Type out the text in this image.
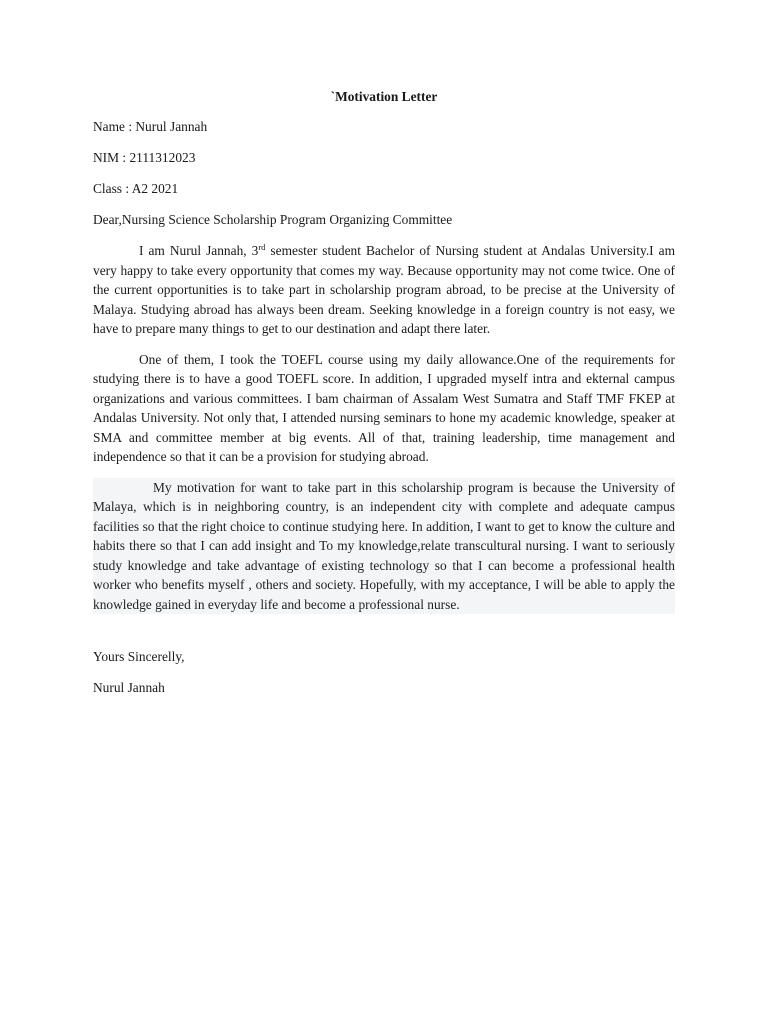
`Motivation Letter

Name : Nurul Jannah

NIM : 2111312023

Class : A2 2021

Dear,Nursing Science Scholarship Program Organizing Committee

I am Nurul Jannah, 3rd semester student Bachelor of Nursing student at Andalas University.I am very happy to take every opportunity that comes my way. Because opportunity may not come twice. One of the current opportunities is to take part in scholarship program abroad, to be precise at the University of Malaya. Studying abroad has always been dream. Seeking knowledge in a foreign country is not easy, we have to prepare many things to get to our destination and adapt there later.

One of them, I took the TOEFL course using my daily allowance.One of the requirements for studying there is to have a good TOEFL score. In addition, I upgraded myself intra and ekternal campus organizations and various committees. I bam chairman of Assalam West Sumatra and Staff TMF FKEP at Andalas University. Not only that, I attended nursing seminars to hone my academic knowledge, speaker at SMA and committee member at big events. All of that, training leadership, time management and independence so that it can be a provision for studying abroad.

My motivation for want to take part in this scholarship program is because the University of Malaya, which is in neighboring country, is an independent city with complete and adequate campus facilities so that the right choice to continue studying here. In addition, I want to get to know the culture and habits there so that I can add insight and To my knowledge,relate transcultural nursing. I want to seriously study knowledge and take advantage of existing technology so that I can become a professional health worker who benefits myself , others and society. Hopefully, with my acceptance, I will be able to apply the knowledge gained in everyday life and become a professional nurse.

Yours Sincerelly,

Nurul Jannah
